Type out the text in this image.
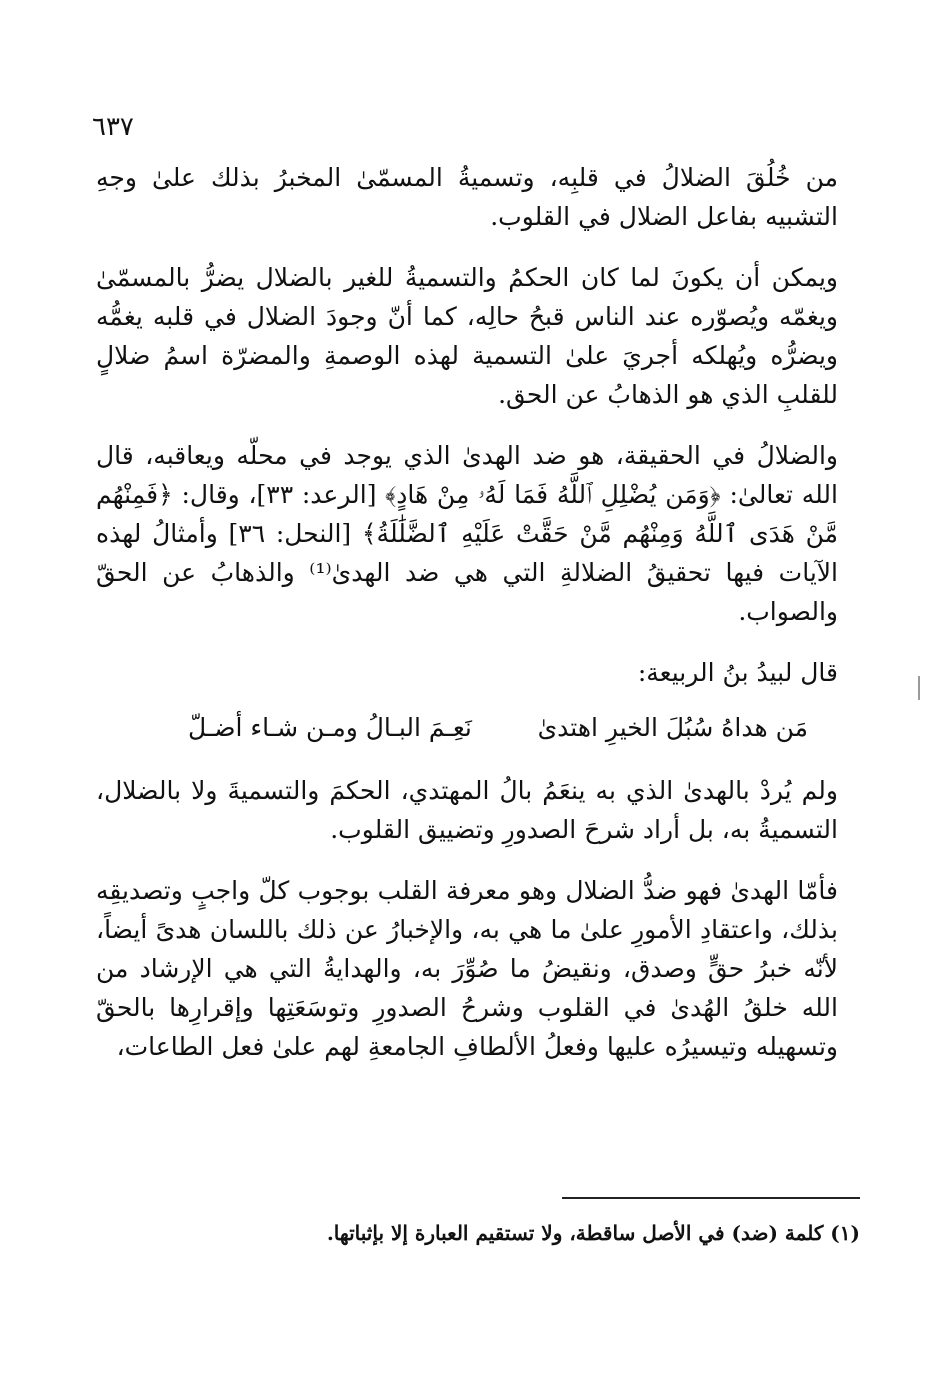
٦٣٧

من خُلُقَ الضلالُ في قلبِه، وتسميةُ المسمّىٰ المخبرُ بذلك علىٰ وجهِ التشبيه بفاعل الضلال في القلوب.

ويمكن أن يكونَ لما كان الحكمُ والتسميةُ للغير بالضلال يضرُّ بالمسمّىٰ ويغمّه ويُصوّره عند الناس قبحُ حالِه، كما أنّ وجودَ الضلال في قلبه يغمُّه ويضرُّه ويُهلكه أجريَ علىٰ التسمية لهذه الوصمةِ والمضرّة اسمُ ضلالٍ للقلبِ الذي هو الذهابُ عن الحق.

والضلالُ في الحقيقة، هو ضد الهدىٰ الذي يوجد في محلّه ويعاقبه، قال الله تعالىٰ: ﴿وَمَن يُضْلِلِ ٱللَّهُ فَمَا لَهُۥ مِنْ هَادٍ﴾ [الرعد: ٣٣]، وقال: ﴿فَمِنْهُم مَّنْ هَدَى ٱللَّهُ وَمِنْهُم مَّنْ حَقَّتْ عَلَيْهِ ٱلضَّلَٰلَةُ﴾ [النحل: ٣٦] وأمثالُ لهذه الآيات فيها تحقيقُ الضلالةِ التي هي ضد الهدىٰ⁽¹⁾ والذهابُ عن الحقّ والصواب.

قال لبيدُ بنُ الربيعة:

مَن هداهُ سُبُلَ الخيرِ اهتدىٰ
نَعِـمَ البـالُ ومـن شـاء أضـلّ

ولم يُردْ بالهدىٰ الذي به ينعَمُ بالُ المهتدي، الحكمَ والتسميةَ ولا بالضلال، التسميةُ به، بل أراد شرحَ الصدورِ وتضييق القلوب.

فأمّا الهدىٰ فهو ضدُّ الضلال وهو معرفة القلب بوجوب كلّ واجبٍ وتصديقِه بذلك، واعتقادِ الأمورِ علىٰ ما هي به، والإخبارُ عن ذلك باللسان هدىً أيضاً، لأنّه خبرُ حقٍّ وصدق، ونقيضُ ما صُوِّرَ به، والهدايةُ التي هي الإرشاد من الله خلقُ الهُدىٰ في القلوب وشرحُ الصدورِ وتوسَعَتِها وإقرارِها بالحقّ وتسهيله وتيسيرُه عليها وفعلُ الألطافِ الجامعةِ لهم علىٰ فعل الطاعات،

(١) كلمة (ضد) في الأصل ساقطة، ولا تستقيم العبارة إلا بإثباتها.
